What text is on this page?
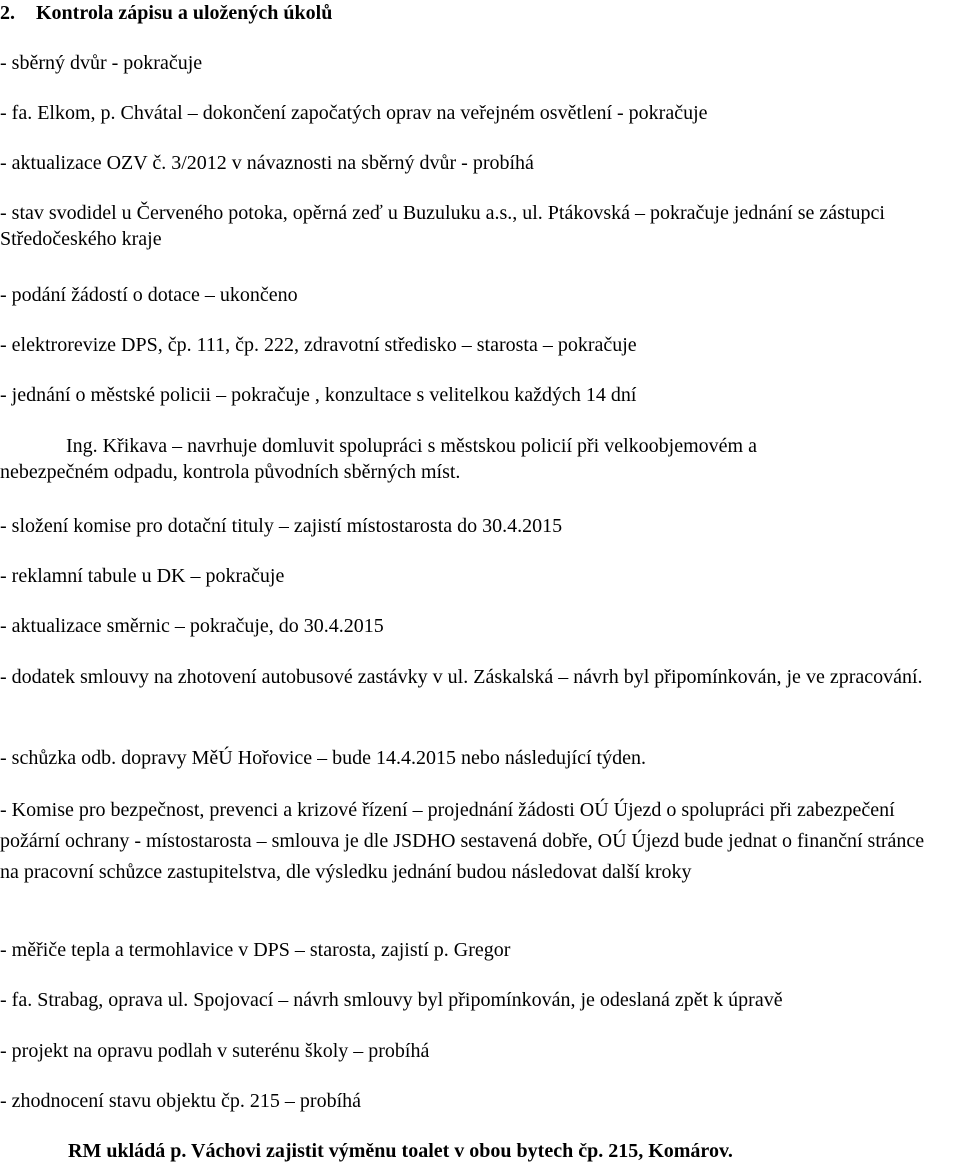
2. Kontrola zápisu a uložených úkolů
- sběrný dvůr - pokračuje
- fa. Elkom, p. Chvátal – dokončení započatých oprav na veřejném osvětlení - pokračuje
- aktualizace OZV č. 3/2012 v návaznosti na sběrný dvůr - probíhá
- stav svodidel u Červeného potoka, opěrná zeď u Buzuluku a.s., ul. Ptákovská – pokračuje jednání se zástupci Středočeského kraje
- podání žádostí o dotace – ukončeno
- elektrorevize DPS, čp. 111, čp. 222, zdravotní středisko – starosta – pokračuje
- jednání o městské policii – pokračuje , konzultace s velitelkou každých 14 dní
Ing. Křikava – navrhuje domluvit spolupráci s městskou policií při velkoobjemovém a
nebezpečném odpadu, kontrola původních sběrných míst.
- složení komise pro dotační tituly – zajistí místostarosta do 30.4.2015
- reklamní tabule u DK – pokračuje
- aktualizace směrnic – pokračuje, do 30.4.2015
- dodatek smlouvy na zhotovení autobusové zastávky v ul. Záskalská – návrh byl připomínkován, je ve zpracování.
- schůzka odb. dopravy MěÚ Hořovice – bude 14.4.2015 nebo následující týden.
- Komise pro bezpečnost, prevenci a krizové řízení – projednání žádosti OÚ Újezd o spolupráci při zabezpečení požární ochrany - místostarosta – smlouva je dle JSDHO sestavená dobře, OÚ Újezd bude jednat o finanční stránce na pracovní schůzce zastupitelstva, dle výsledku jednání budou následovat další kroky
- měřiče tepla a termohlavice v DPS – starosta, zajistí p. Gregor
- fa. Strabag, oprava ul. Spojovací – návrh smlouvy byl připomínkován, je odeslaná zpět k úpravě
- projekt na opravu podlah v suterénu školy – probíhá
- zhodnocení stavu objektu čp. 215 – probíhá
RM ukládá p. Váchovi zajistit výměnu toalet v obou bytech čp. 215, Komárov.
